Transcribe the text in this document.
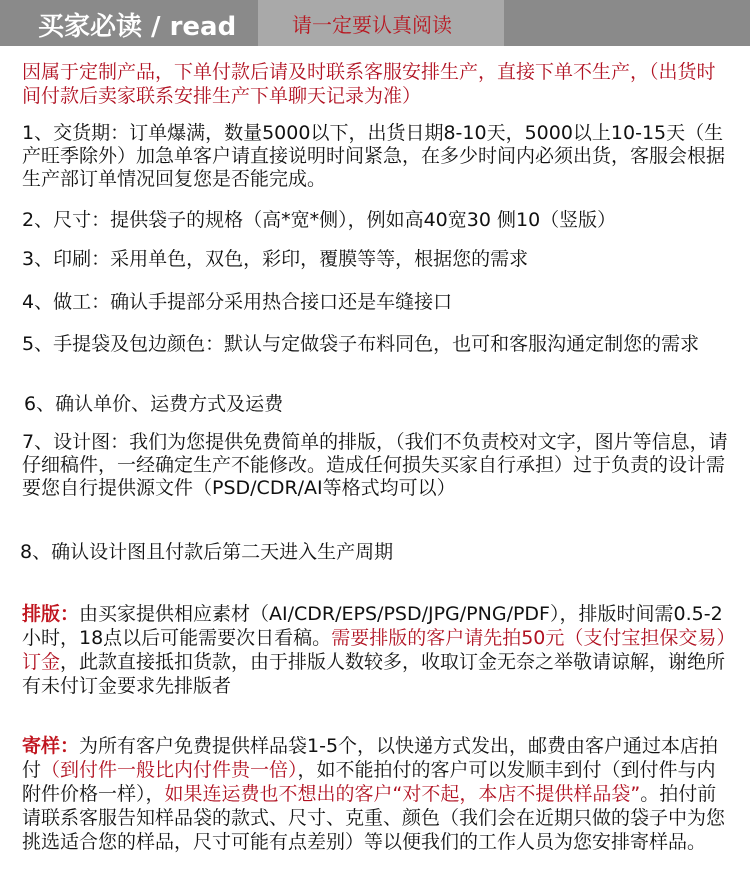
买家必读 / read	请一定要认真阅读
因属于定制产品，下单付款后请及时联系客服安排生产，直接下单不生产，（出货时间付款后卖家联系安排生产下单聊天记录为准）
1、交货期：订单爆满，数量5000以下，出货日期8-10天，5000以上10-15天（生产旺季除外）加急单客户请直接说明时间紧急，在多少时间内必须出货，客服会根据生产部订单情况回复您是否能完成。
2、尺寸：提供袋子的规格（高*宽*侧），例如高40宽30 侧10（竖版）
3、印刷：采用单色，双色，彩印，覆膜等等，根据您的需求
4、做工：确认手提部分采用热合接口还是车缝接口
5、手提袋及包边颜色：默认与定做袋子布料同色，也可和客服沟通定制您的需求
6、确认单价、运费方式及运费
7、设计图：我们为您提供免费简单的排版，（我们不负责校对文字，图片等信息，请仔细稿件，一经确定生产不能修改。造成任何损失买家自行承担）过于负责的设计需要您自行提供源文件（PSD/CDR/AI等格式均可以）
8、确认设计图且付款后第二天进入生产周期
排版：由买家提供相应素材（AI/CDR/EPS/PSD/JPG/PNG/PDF），排版时间需0.5-2小时，18点以后可能需要次日看稿。需要排版的客户请先拍50元（支付宝担保交易）订金，此款直接抵扣货款，由于排版人数较多，收取订金无奈之举敬请谅解，谢绝所有未付订金要求先排版者
寄样：为所有客户免费提供样品袋1-5个，以快递方式发出，邮费由客户通过本店拍付（到付件一般比内付件贵一倍），如不能拍付的客户可以发顺丰到付（到付件与内附件价格一样），如果连运费也不想出的客户“对不起，本店不提供样品袋”。拍付前请联系客服告知样品袋的款式、尺寸、克重、颜色（我们会在近期只做的袋子中为您挑选适合您的样品，尺寸可能有点差别）等以便我们的工作人员为您安排寄样品。
